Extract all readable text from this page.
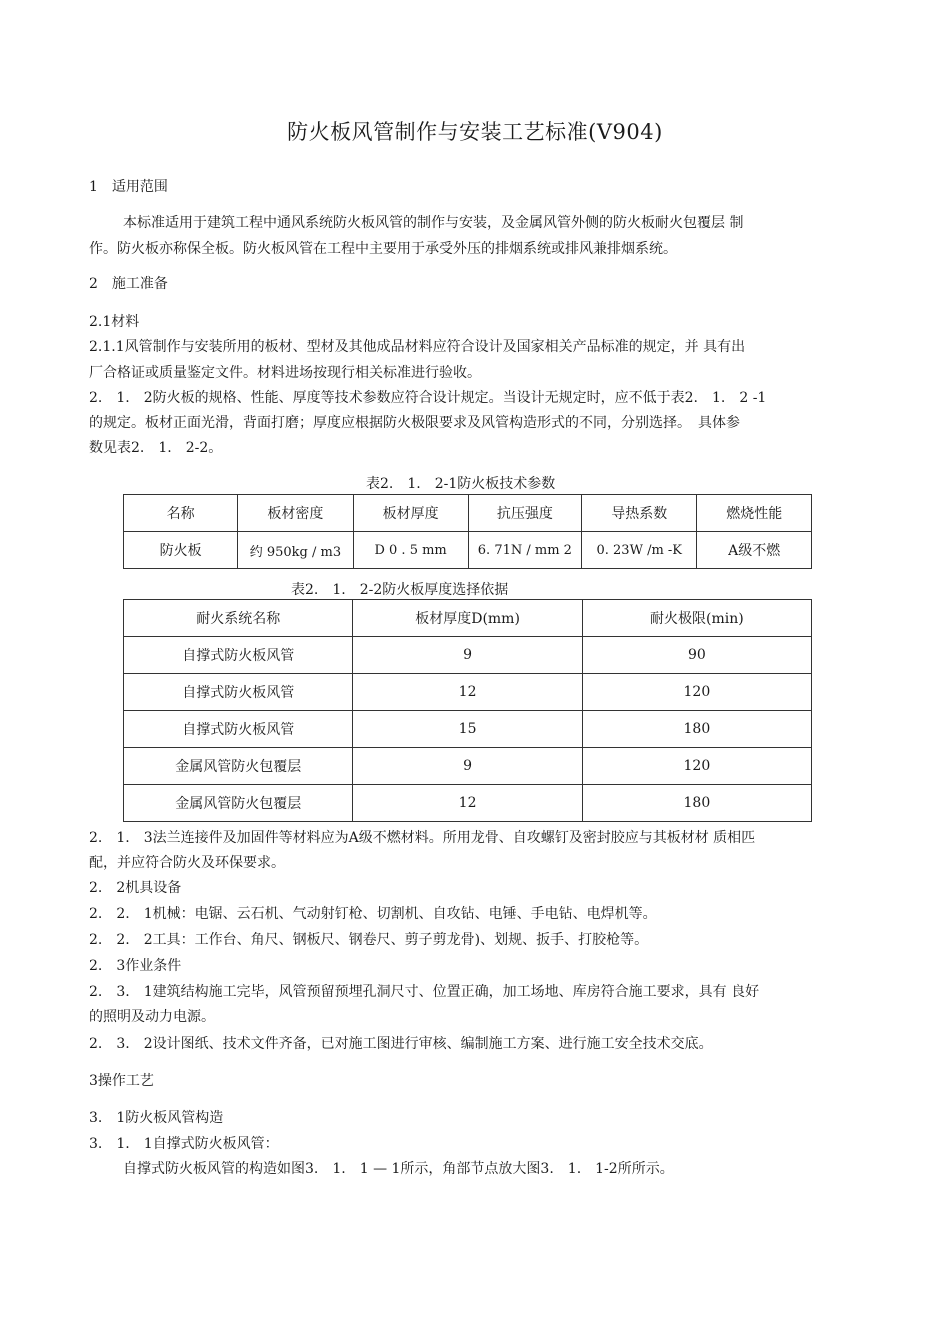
防火板风管制作与安装工艺标准(V904)
1　适用范围
本标准适用于建筑工程中通风系统防火板风管的制作与安装，及金属风管外侧的防火板耐火包覆层 制
作。防火板亦称保全板。防火板风管在工程中主要用于承受外压的排烟系统或排风兼排烟系统。
2　施工准备
2.1材料
2.1.1风管制作与安装所用的板材、型材及其他成品材料应符合设计及国家相关产品标准的规定，并 具有出
厂合格证或质量鉴定文件。材料进场按现行相关标准进行验收。
2.　1.　2防火板的规格、性能、厚度等技术参数应符合设计规定。当设计无规定时，应不低于表2.　1.　2 -1
的规定。板材正面光滑，背面打磨；厚度应根据防火极限要求及风管构造形式的不同，分别选择。　具体参
数见表2.　1.　2-2。
表2.　1.　2-1防火板技术参数
名称	板材密度	板材厚度	抗压强度	导热系数	燃烧性能
防火板	约 950kg / m3	D 0 . 5 mm	6. 71N / mm 2	0. 23W /m -K	A级不燃
表2.　1.　2-2防火板厚度选择依据
耐火系统名称	板材厚度D(mm)	耐火极限(min)
自撑式防火板风管	9	90
自撑式防火板风管	12	120
自撑式防火板风管	15	180
金属风管防火包覆层	9	120
金属风管防火包覆层	12	180
2.　1.　3法兰连接件及加固件等材料应为A级不燃材料。所用龙骨、自攻螺钉及密封胶应与其板材材 质相匹
配，并应符合防火及环保要求。
2.　2机具设备
2.　2.　1机械：电锯、云石机、气动射钉枪、切割机、自攻钻、电锤、手电钻、电焊机等。
2.　2.　2工具：工作台、角尺、钢板尺、钢卷尺、剪子剪龙骨)、划规、扳手、打胶枪等。
2.　3作业条件
2.　3.　1建筑结构施工完毕，风管预留预埋孔洞尺寸、位置正确，加工场地、库房符合施工要求，具有 良好
的照明及动力电源。
2.　3.　2设计图纸、技术文件齐备，已对施工图进行审核、编制施工方案、进行施工安全技术交底。
3操作工艺
3.　1防火板风管构造
3.　1.　1自撑式防火板风管：
自撑式防火板风管的构造如图3.　1.　1 — 1所示，角部节点放大图3.　1.　1-2所所示。
